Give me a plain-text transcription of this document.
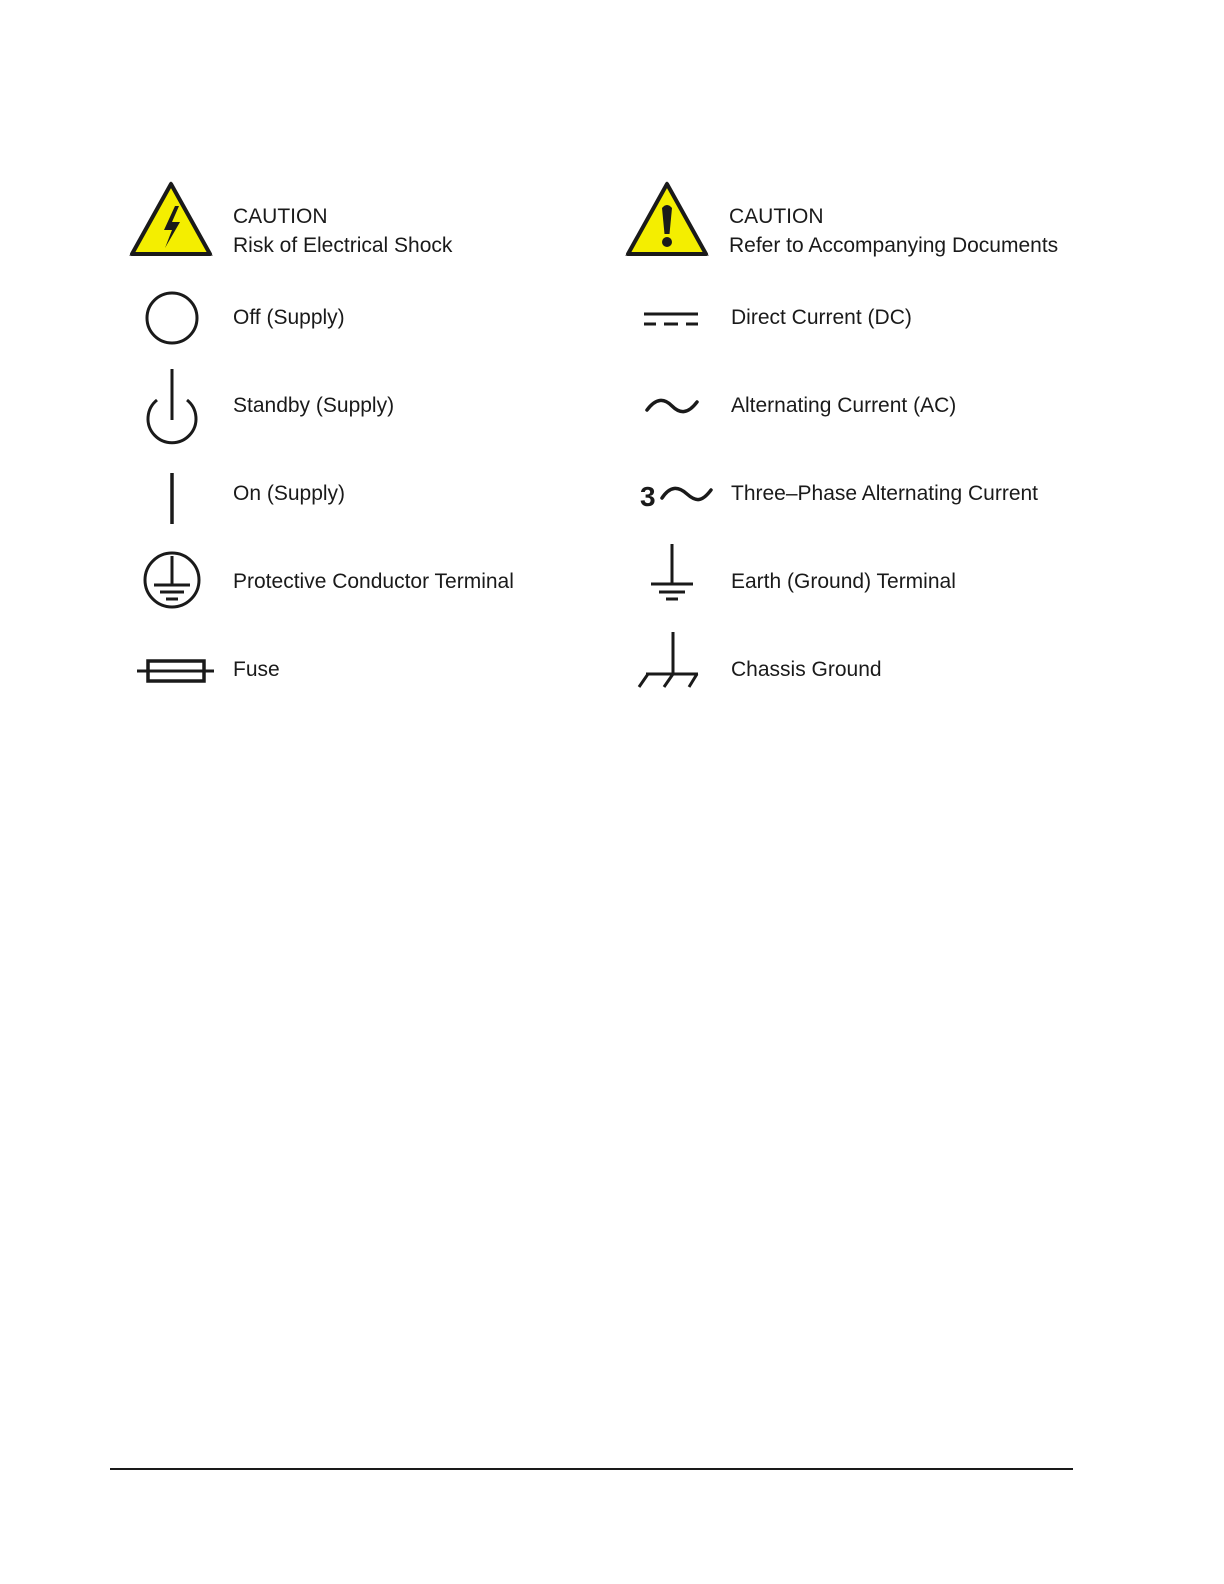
CAUTION
Risk of Electrical Shock
Off (Supply)
Standby (Supply)
On (Supply)
Protective Conductor Terminal
Fuse
CAUTION
Refer to Accompanying Documents
Direct Current (DC)
Alternating Current (AC)
3	Three–Phase Alternating Current
Earth (Ground) Terminal
Chassis Ground
